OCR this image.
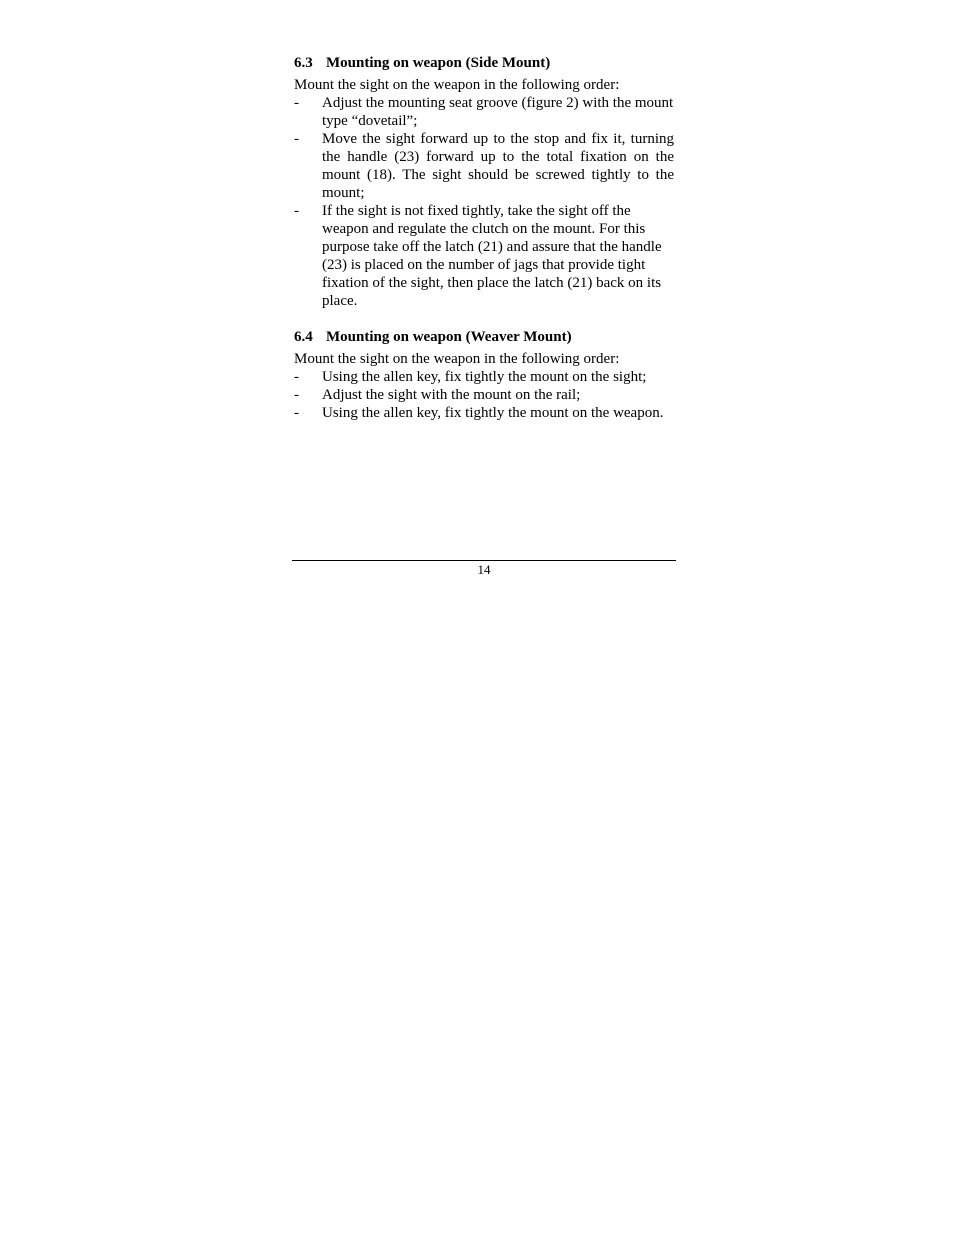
6.3 Mounting on weapon (Side Mount)

Mount the sight on the weapon in the following order:

-	Adjust the mounting seat groove (figure 2) with the mount type “dovetail”;
-	Move the sight forward up to the stop and fix it, turning the handle (23) forward up to the total fixation on the mount (18). The sight should be screwed tightly to the mount;
-	If the sight is not fixed tightly, take the sight off the weapon and regulate the clutch on the mount. For this purpose take off the latch (21) and assure that the handle (23) is placed on the number of jags that provide tight fixation of the sight, then place the latch (21) back on its place.
6.4 Mounting on weapon (Weaver Mount)

Mount the sight on the weapon in the following order:

-	Using the allen key, fix tightly the mount on the sight;
-	Adjust the sight with the mount on the rail;
-	Using the allen key, fix tightly the mount on the weapon.
14
